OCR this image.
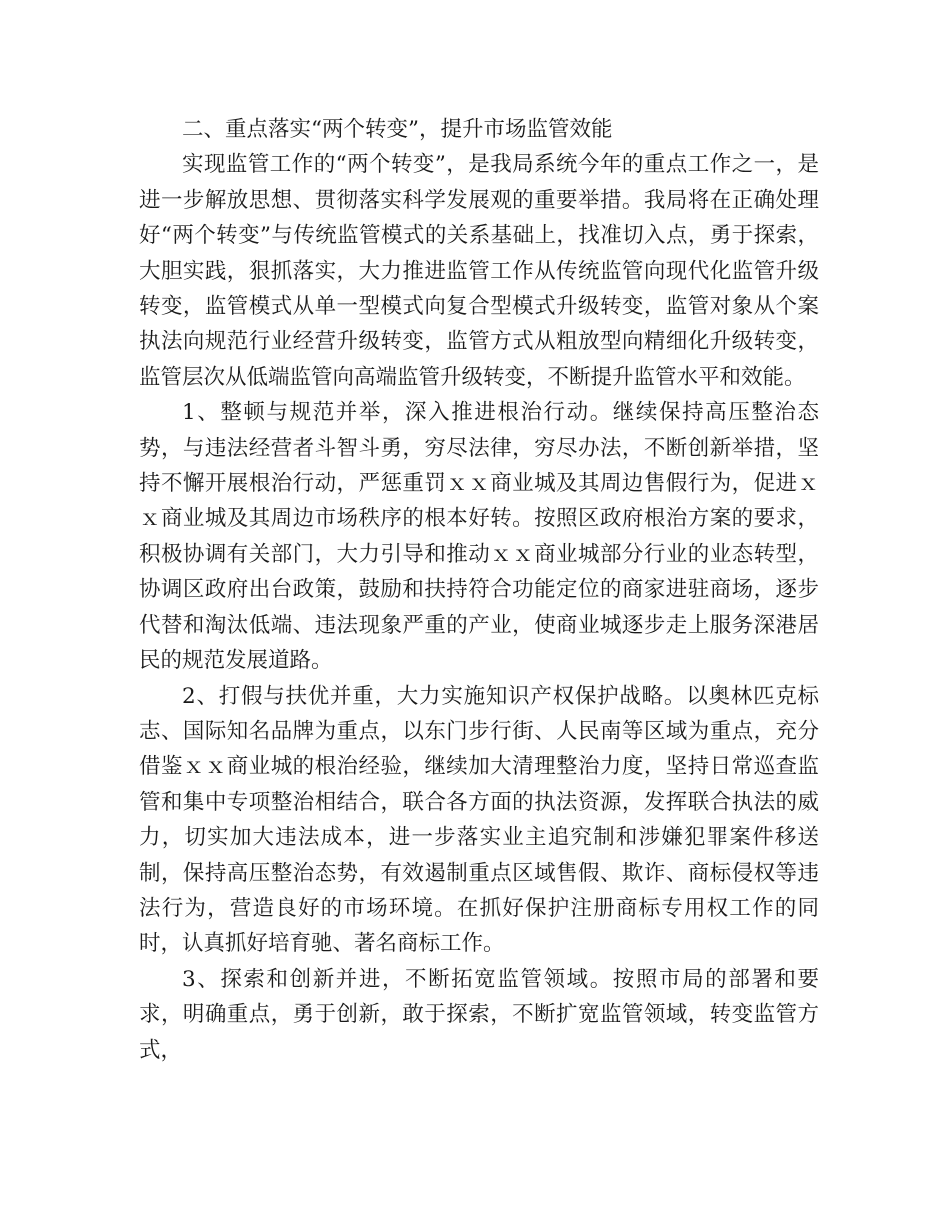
二、重点落实“两个转变”，提升市场监管效能

实现监管工作的“两个转变”，是我局系统今年的重点工作之一，是进一步解放思想、贯彻落实科学发展观的重要举措。我局将在正确处理好“两个转变”与传统监管模式的关系基础上，找准切入点，勇于探索，大胆实践，狠抓落实，大力推进监管工作从传统监管向现代化监管升级转变，监管模式从单一型模式向复合型模式升级转变，监管对象从个案执法向规范行业经营升级转变，监管方式从粗放型向精细化升级转变，监管层次从低端监管向高端监管升级转变，不断提升监管水平和效能。

1、整顿与规范并举，深入推进根治行动。继续保持高压整治态势，与违法经营者斗智斗勇，穷尽法律，穷尽办法，不断创新举措，坚持不懈开展根治行动，严惩重罚ｘｘ商业城及其周边售假行为，促进ｘｘ商业城及其周边市场秩序的根本好转。按照区政府根治方案的要求，积极协调有关部门，大力引导和推动ｘｘ商业城部分行业的业态转型，协调区政府出台政策，鼓励和扶持符合功能定位的商家进驻商场，逐步代替和淘汰低端、违法现象严重的产业，使商业城逐步走上服务深港居民的规范发展道路。

2、打假与扶优并重，大力实施知识产权保护战略。以奥林匹克标志、国际知名品牌为重点，以东门步行街、人民南等区域为重点，充分借鉴ｘｘ商业城的根治经验，继续加大清理整治力度，坚持日常巡查监管和集中专项整治相结合，联合各方面的执法资源，发挥联合执法的威力，切实加大违法成本，进一步落实业主追究制和涉嫌犯罪案件移送制，保持高压整治态势，有效遏制重点区域售假、欺诈、商标侵权等违法行为，营造良好的市场环境。在抓好保护注册商标专用权工作的同时，认真抓好培育驰、著名商标工作。

3、探索和创新并进，不断拓宽监管领域。按照市局的部署和要求，明确重点，勇于创新，敢于探索，不断扩宽监管领域，转变监管方式，
